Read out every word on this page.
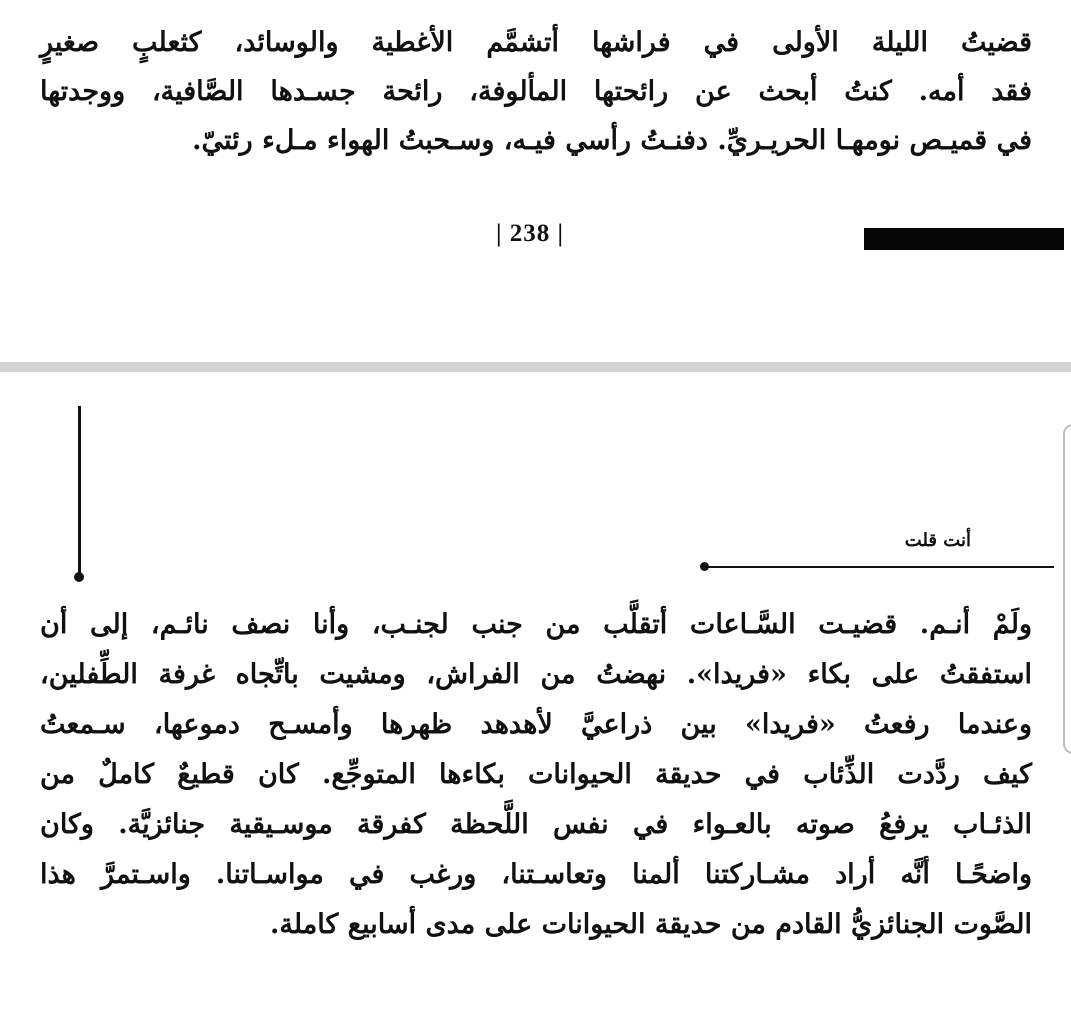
قضيتُ الليلة الأولى في فراشها أتشمَّم الأغطية والوسائد، كثعلبٍ صغيرٍ
فقد أمه. كنتُ أبحث عن رائحتها المألوفة، رائحة جسـدها الصَّافية، ووجدتها
في قميـص نومهـا الحريـريِّ. دفنـتُ رأسي فيـه، وسـحبتُ الهواء مـلء رئتيّ.

| 238 |
أنت قلت

ولَمْ أنـم. قضيـت السَّـاعات أتقلَّب من جنب لجنـب، وأنا نصف نائـم، إلى أن
استفقتُ على بكاء «فريدا». نهضتُ من الفراش، ومشيت باتِّجاه غرفة الطِّفلين،
وعندما رفعتُ «فريدا» بين ذراعيَّ لأهدهد ظهرها وأمسـح دموعها، سـمعتُ
كيف ردَّدت الذِّئاب في حديقة الحيوانات بكاءها المتوجِّع. كان قطيعٌ كاملٌ من
الذئـاب يرفعُ صوته بالعـواء في نفس اللَّحظة كفرقة موسـيقية جنائزيَّة. وكان
واضحًـا أنَّه أراد مشـاركتنا ألمنا وتعاسـتنا، ورغب في مواسـاتنا. واسـتمرَّ هذا
الصَّوت الجنائزيُّ القادم من حديقة الحيوانات على مدى أسابيع كاملة.
